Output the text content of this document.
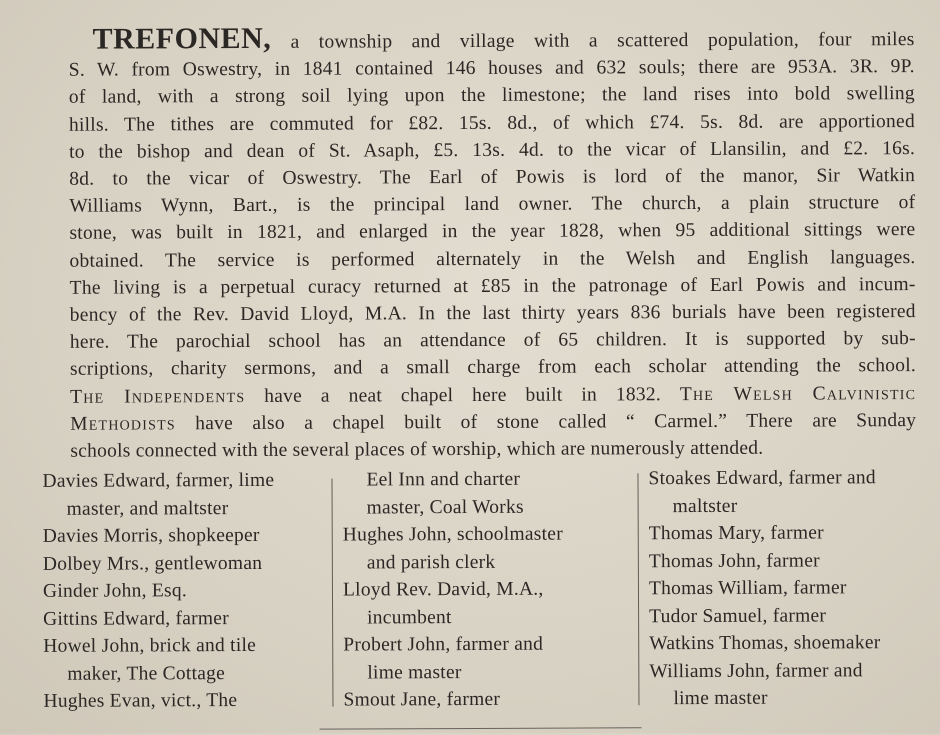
TREFONEN, a township and village with a scattered population, four miles
S. W. from Oswestry, in 1841 contained 146 houses and 632 souls; there are 953A. 3R. 9P.
of land, with a strong soil lying upon the limestone; the land rises into bold swelling
hills. The tithes are commuted for £82. 15s. 8d., of which £74. 5s. 8d. are apportioned
to the bishop and dean of St. Asaph, £5. 13s. 4d. to the vicar of Llansilin, and £2. 16s.
8d. to the vicar of Oswestry. The Earl of Powis is lord of the manor, Sir Watkin
Williams Wynn, Bart., is the principal land owner. The church, a plain structure of
stone, was built in 1821, and enlarged in the year 1828, when 95 additional sittings were
obtained. The service is performed alternately in the Welsh and English languages.
The living is a perpetual curacy returned at £85 in the patronage of Earl Powis and incum-
bency of the Rev. David Lloyd, M.A. In the last thirty years 836 burials have been registered
here. The parochial school has an attendance of 65 children. It is supported by sub-
scriptions, charity sermons, and a small charge from each scholar attending the school.
The Independents have a neat chapel here built in 1832. The Welsh Calvinistic
Methodists have also a chapel built of stone called “ Carmel.” There are Sunday
schools connected with the several places of worship, which are numerously attended.
Davies Edward, farmer, lime
master, and maltster
Davies Morris, shopkeeper
Dolbey Mrs., gentlewoman
Ginder John, Esq.
Gittins Edward, farmer
Howel John, brick and tile
maker, The Cottage
Hughes Evan, vict., The
Eel Inn and charter
master, Coal Works
Hughes John, schoolmaster
and parish clerk
Lloyd Rev. David, M.A.,
incumbent
Probert John, farmer and
lime master
Smout Jane, farmer
Stoakes Edward, farmer and
maltster
Thomas Mary, farmer
Thomas John, farmer
Thomas William, farmer
Tudor Samuel, farmer
Watkins Thomas, shoemaker
Williams John, farmer and
lime master
